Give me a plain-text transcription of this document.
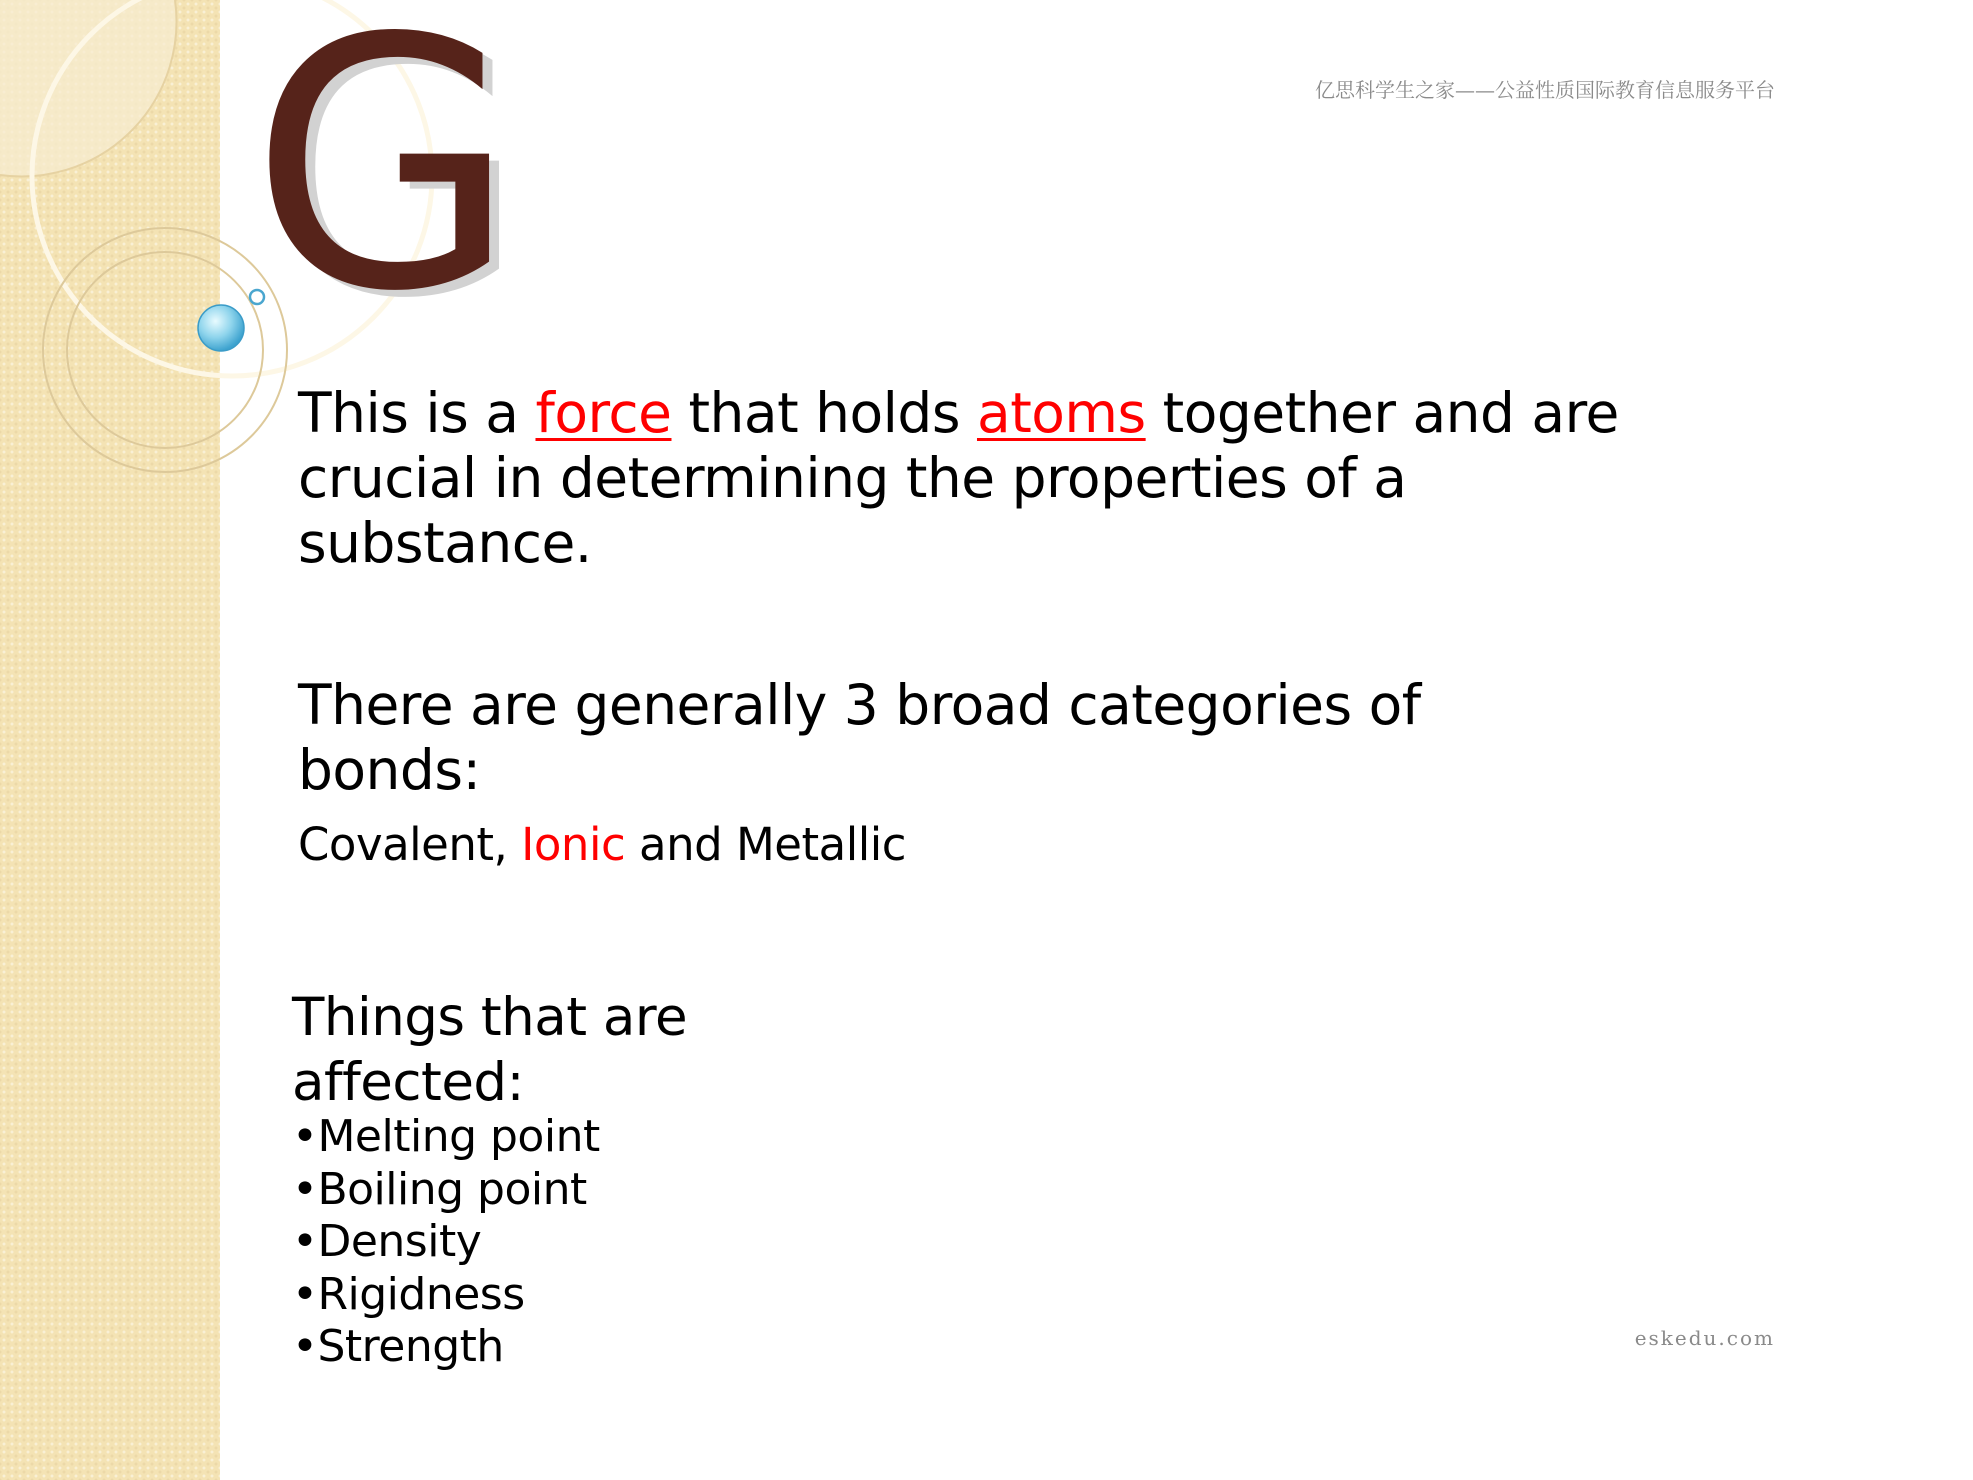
G	亿思科学生之家——公益性质国际教育信息服务平台

This is a force that holds atoms together and are crucial in determining the properties of a substance.

There are generally 3 broad categories of bonds:

Covalent, Ionic and Metallic

Things that are affected:

•Melting point
•Boiling point
•Density
•Rigidness
•Strength	eskedu.com
